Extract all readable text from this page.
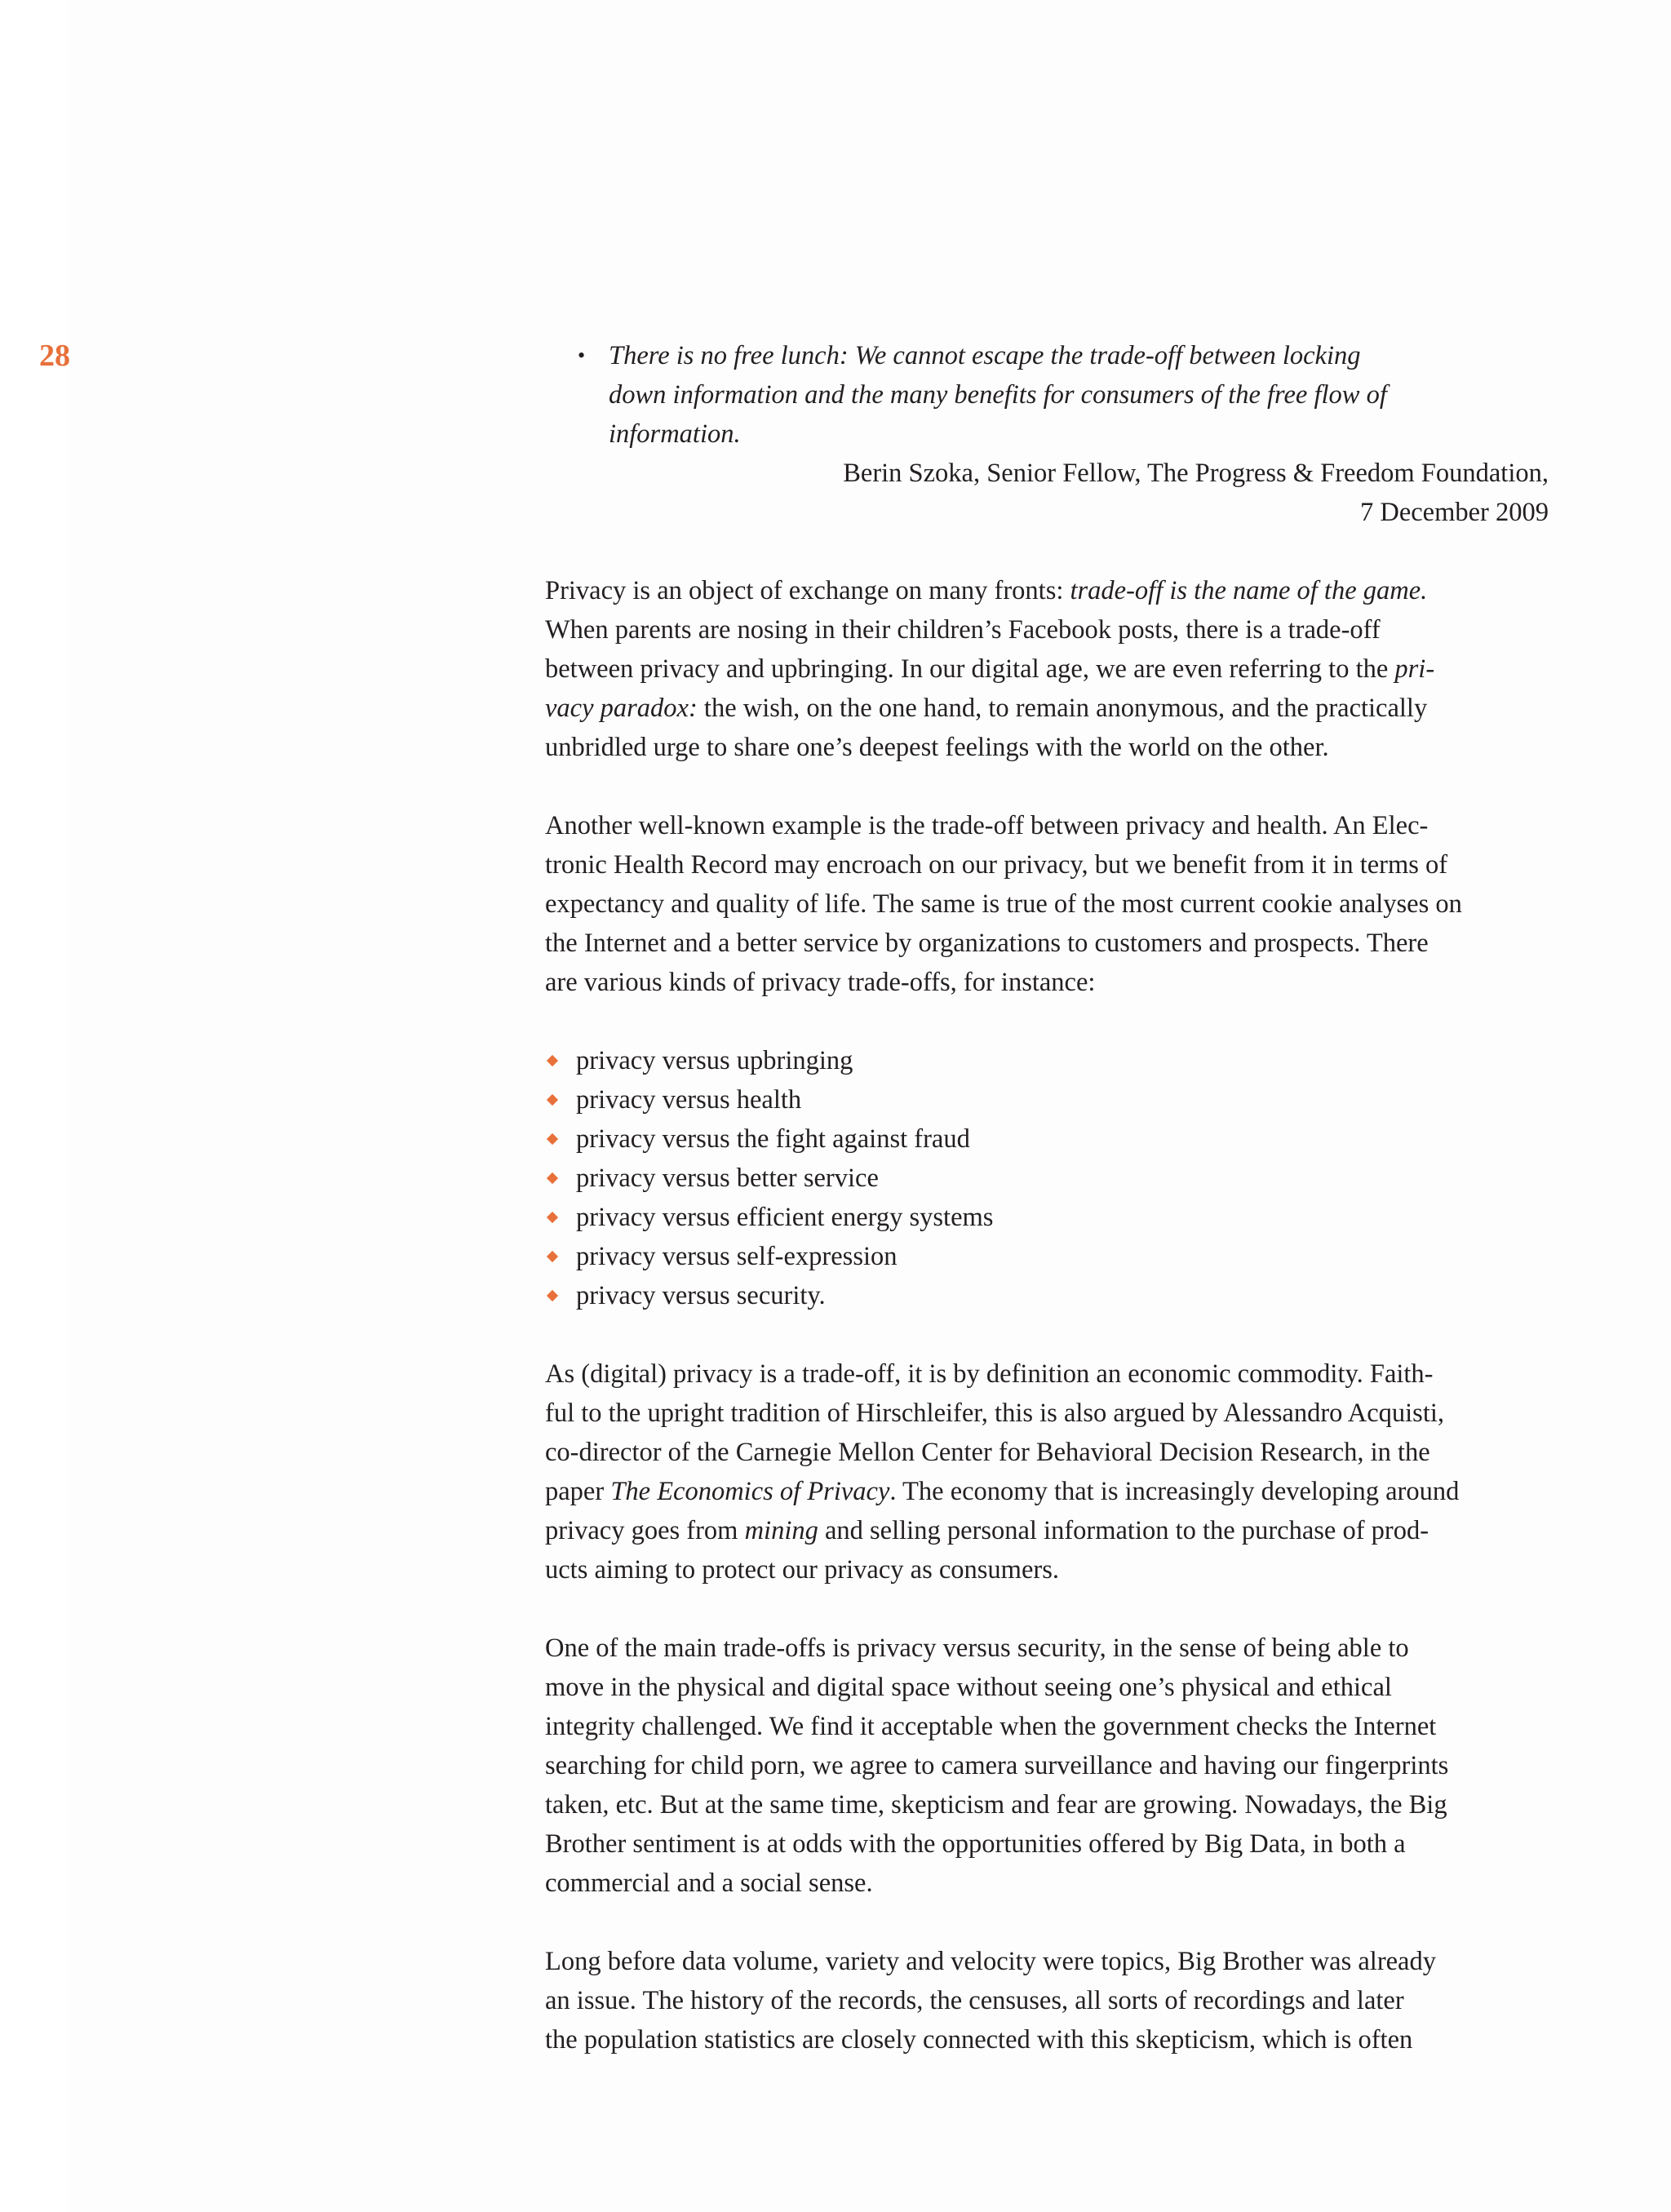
28	• There is no free lunch: We cannot escape the trade-off between locking
down information and the many benefits for consumers of the free flow of
information.
Berin Szoka, Senior Fellow, The Progress & Freedom Foundation,
7 December 2009

Privacy is an object of exchange on many fronts: trade-off is the name of the game.
When parents are nosing in their children’s Facebook posts, there is a trade-off
between privacy and upbringing. In our digital age, we are even referring to the pri-
vacy paradox: the wish, on the one hand, to remain anonymous, and the practically
unbridled urge to share one’s deepest feelings with the world on the other.

Another well-known example is the trade-off between privacy and health. An Elec-
tronic Health Record may encroach on our privacy, but we benefit from it in terms of
expectancy and quality of life. The same is true of the most current cookie analyses on
the Internet and a better service by organizations to customers and prospects. There
are various kinds of privacy trade-offs, for instance:

privacy versus upbringing
privacy versus health
privacy versus the fight against fraud
privacy versus better service
privacy versus efficient energy systems
privacy versus self-expression
privacy versus security.

As (digital) privacy is a trade-off, it is by definition an economic commodity. Faith-
ful to the upright tradition of Hirschleifer, this is also argued by Alessandro Acquisti,
co-director of the Carnegie Mellon Center for Behavioral Decision Research, in the
paper The Economics of Privacy. The economy that is increasingly developing around
privacy goes from mining and selling personal information to the purchase of prod-
ucts aiming to protect our privacy as consumers.

One of the main trade-offs is privacy versus security, in the sense of being able to
move in the physical and digital space without seeing one’s physical and ethical
integrity challenged. We find it acceptable when the government checks the Internet
searching for child porn, we agree to camera surveillance and having our fingerprints
taken, etc. But at the same time, skepticism and fear are growing. Nowadays, the Big
Brother sentiment is at odds with the opportunities offered by Big Data, in both a
commercial and a social sense.

Long before data volume, variety and velocity were topics, Big Brother was already
an issue. The history of the records, the censuses, all sorts of recordings and later
the population statistics are closely connected with this skepticism, which is often
